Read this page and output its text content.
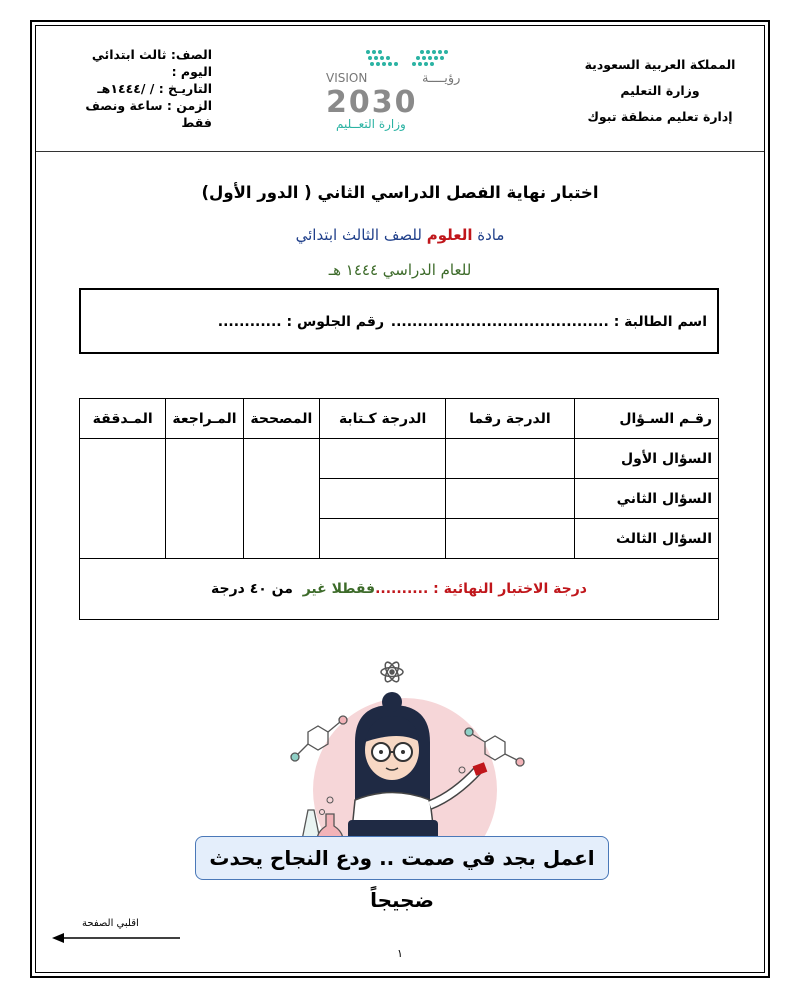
المملكة العربية السعودية
وزارة التعليم
إدارة تعليم منطقة تبوك
الصف: ثالث ابتدائي
اليوم :
التاريـخ : / /١٤٤٤هـ
الزمن : ساعة ونصف فقط
VISION	رؤيــــة
2030
وزارة التعــليم
اختبار نهاية الفصل الدراسي الثاني ( الدور الأول)
مادة العلوم للصف الثالث ابتدائي
للعام الدراسي ١٤٤٤ هـ
اسم الطالبة : .........................................
رقم الجلوس : ............
رقـم السـؤال	الدرجة رقما	الدرجة كـتابة	المصححة	المـراجعة	المـدققة
السؤال الأول					
السؤال الثاني					
السؤال الثالث					
درجة الاختبار النهائية : ..........فقطلا غير  من ٤٠ درجة					
اعمل بجد في صمت .. ودع النجاح يحدث ضجيجاً
اقلبي الصفحة
١
